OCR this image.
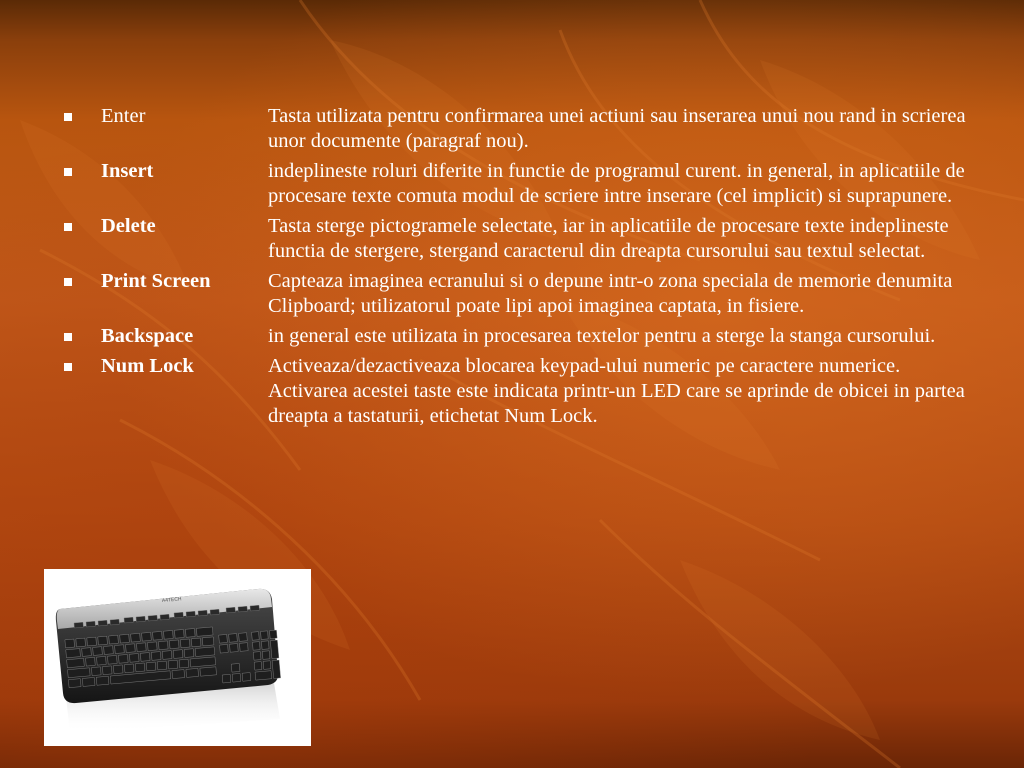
Enter	Tasta utilizata pentru confirmarea unei actiuni sau inserarea unui nou rand in scrierea unor documente (paragraf nou).
Insert	indeplineste roluri diferite in functie de programul curent. in general, in aplicatiile de procesare texte comuta modul de scriere intre inserare (cel implicit) si suprapunere.
Delete	Tasta sterge pictogramele selectate, iar in aplicatiile de procesare texte indeplineste functia de stergere, stergand caracterul din dreapta cursorului sau textul selectat.
Print Screen	Capteaza imaginea ecranului si o depune intr-o zona speciala de memorie denumita Clipboard; utilizatorul poate lipi apoi imaginea captata, in fisiere.
Backspace	in general este utilizata in procesarea textelor pentru a sterge la stanga cursorului.
Num Lock	Activeaza/dezactiveaza blocarea keypad-ului numeric pe caractere numerice. Activarea acestei taste este indicata printr-un LED care se aprinde de obicei in partea dreapta a tastaturii, etichetat Num Lock.
A4TECH
